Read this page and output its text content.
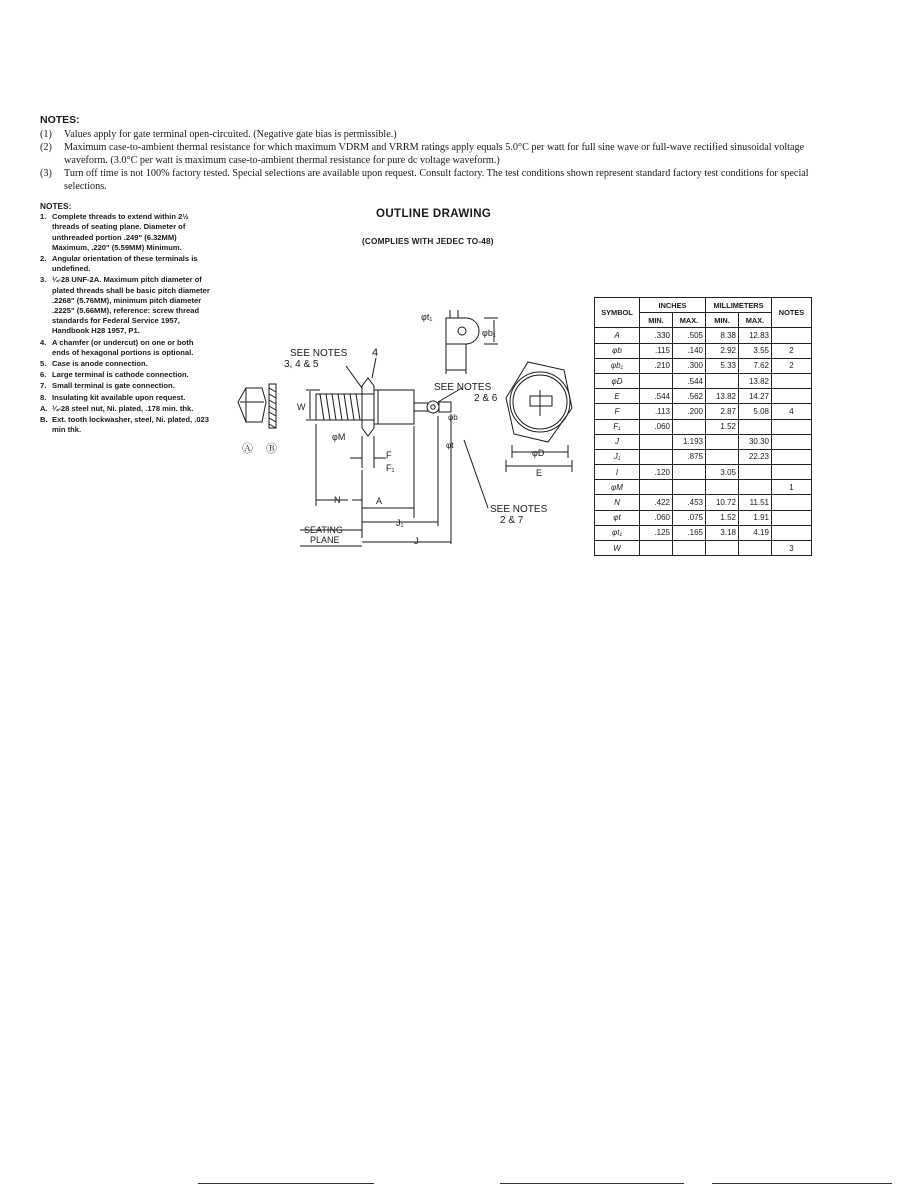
NOTES:
(1)	Values apply for gate terminal open-circuited. (Negative gate bias is permissible.)
(2)	Maximum case-to-ambient thermal resistance for which maximum VDRM and VRRM ratings apply equals 5.0°C per watt for full sine wave or full-wave rectified sinusoidal voltage waveform. (3.0°C per watt is maximum case-to-ambient thermal resistance for pure dc voltage waveform.)
(3)	Turn off time is not 100% factory tested. Special selections are available upon request. Consult factory. The test conditions shown represent standard factory test conditions for special selections.
NOTES:
1. Complete threads to extend within 2½ threads of seating plane. Diameter of unthreaded portion .249" (6.32MM) Maximum, .220" (5.59MM) Minimum.
2. Angular orientation of these terminals is undefined.
3. ¼-28 UNF-2A. Maximum pitch diameter of plated threads shall be basic pitch diameter .2268" (5.76MM), minimum pitch diameter .2225" (5.66MM), reference: screw thread standards for Federal Service 1957, Handbook H28 1957, P1.
4. A chamfer (or undercut) on one or both ends of hexagonal portions is optional.
5. Case is anode connection.
6. Large terminal is cathode connection.
7. Small terminal is gate connection.
8. Insulating kit available upon request.
A. ¼-28 steel nut, Ni. plated, .178 min. thk.
B. Ext. tooth lockwasher, steel, Ni. plated, .023 min thk.
OUTLINE DRAWING
(COMPLIES WITH JEDEC TO-48)
Ⓐ Ⓑ
W
φt₁
φb₁
φD
E
SEE NOTES
3, 4 & 5
4
SEE NOTES
2 & 6
SEE NOTES
2 & 7
φb
φt
φM
F
F₁
N	A
J₁
J
SEATING
PLANE
SYMBOL	INCHES		MILLIMETERS		NOTES
	MIN.	MAX.	MIN.	MAX.	
A	.330	.505	8.38	12.83	
φb	.115	.140	2.92	3.55	2
φb₁	.210	.300	5.33	7.62	2
φD		.544		13.82	
E	.544	.562	13.82	14.27	
F	.113	.200	2.87	5.08	4
F₁	.060		1.52		
J		1.193		30.30	
J₁		.875		22.23	
I	.120		3.05		
φM					1
N	.422	.453	10.72	11.51	
φt	.060	.075	1.52	1.91	
φt₁	.125	.165	3.18	4.19	
W					3
